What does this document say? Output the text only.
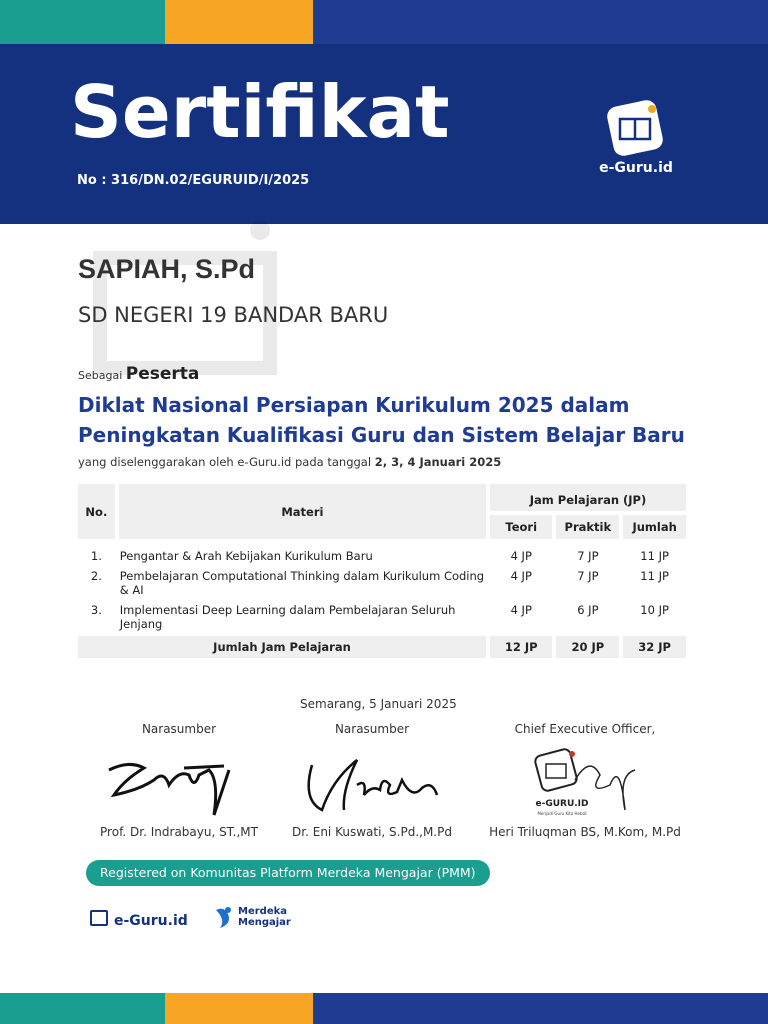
Sertifikat
No : 316/DN.02/EGURUID/I/2025
e-Guru.id
SAPIAH, S.Pd
SD NEGERI 19 BANDAR BARU
Sebagai Peserta
Diklat Nasional Persiapan Kurikulum 2025 dalam
Peningkatan Kualifikasi Guru dan Sistem Belajar Baru
yang diselenggarakan oleh e-Guru.id pada tanggal 2, 3, 4 Januari 2025
No.	Materi	Jam Pelajaran (JP)		
		Teori	Praktik	Jumlah
1.	Pengantar & Arah Kebijakan Kurikulum Baru	4 JP	7 JP	11 JP
2.	Pembelajaran Computational Thinking dalam Kurikulum Coding & AI	4 JP	7 JP	11 JP
3.	Implementasi Deep Learning dalam Pembelajaran Seluruh Jenjang	4 JP	6 JP	10 JP
Jumlah Jam Pelajaran		12 JP	20 JP	32 JP
Semarang, 5 Januari 2025
Narasumber
Prof. Dr. Indrabayu, ST.,MT
Narasumber
Dr. Eni Kuswati, S.Pd.,M.Pd
Chief Executive Officer,
e-GURU.ID
Menjadi Guru Kita Hebat
Heri Triluqman BS, M.Kom, M.Pd
Registered on Komunitas Platform Merdeka Mengajar (PMM)
e-Guru.id
Merdeka
Mengajar
